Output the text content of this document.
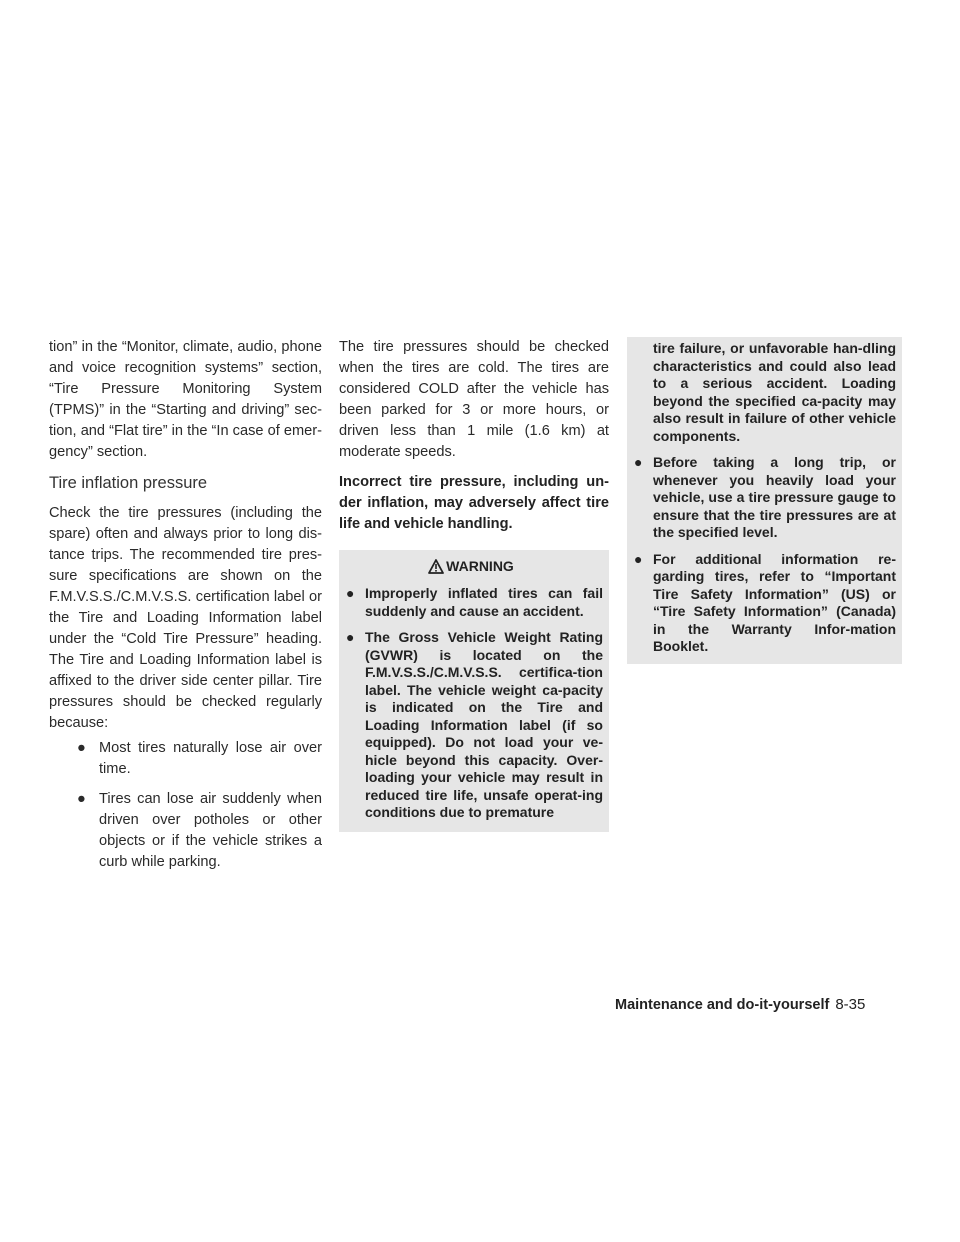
tion” in the “Monitor, climate, audio, phone and voice recognition systems” section, “Tire Pressure Monitoring System (TPMS)” in the “Starting and driving” sec-tion, and “Flat tire” in the “In case of emer-gency” section.

Tire inflation pressure

Check the tire pressures (including the spare) often and always prior to long dis-tance trips. The recommended tire pres-sure specifications are shown on the F.M.V.S.S./C.M.V.S.S. certification label or the Tire and Loading Information label under the “Cold Tire Pressure” heading. The Tire and Loading Information label is affixed to the driver side center pillar. Tire pressures should be checked regularly because:

● Most tires naturally lose air over time.
● Tires can lose air suddenly when driven over potholes or other objects or if the vehicle strikes a curb while parking.

The tire pressures should be checked when the tires are cold. The tires are considered COLD after the vehicle has been parked for 3 or more hours, or driven less than 1 mile (1.6 km) at moderate speeds.

Incorrect tire pressure, including un-der inflation, may adversely affect tire life and vehicle handling.

WARNING
● Improperly inflated tires can fail suddenly and cause an accident.
● The Gross Vehicle Weight Rating (GVWR) is located on the F.M.V.S.S./C.M.V.S.S. certifica-tion label. The vehicle weight ca-pacity is indicated on the Tire and Loading Information label (if so equipped). Do not load your ve-hicle beyond this capacity. Over-loading your vehicle may result in reduced tire life, unsafe operat-ing conditions due to premature
tire failure, or unfavorable han-dling characteristics and could also lead to a serious accident. Loading beyond the specified ca-pacity may also result in failure of other vehicle components.
● Before taking a long trip, or whenever you heavily load your vehicle, use a tire pressure gauge to ensure that the tire pressures are at the specified level.
● For additional information re-garding tires, refer to “Important Tire Safety Information” (US) or “Tire Safety Information” (Canada) in the Warranty Infor-mation Booklet.
Maintenance and do-it-yourself 8-35
